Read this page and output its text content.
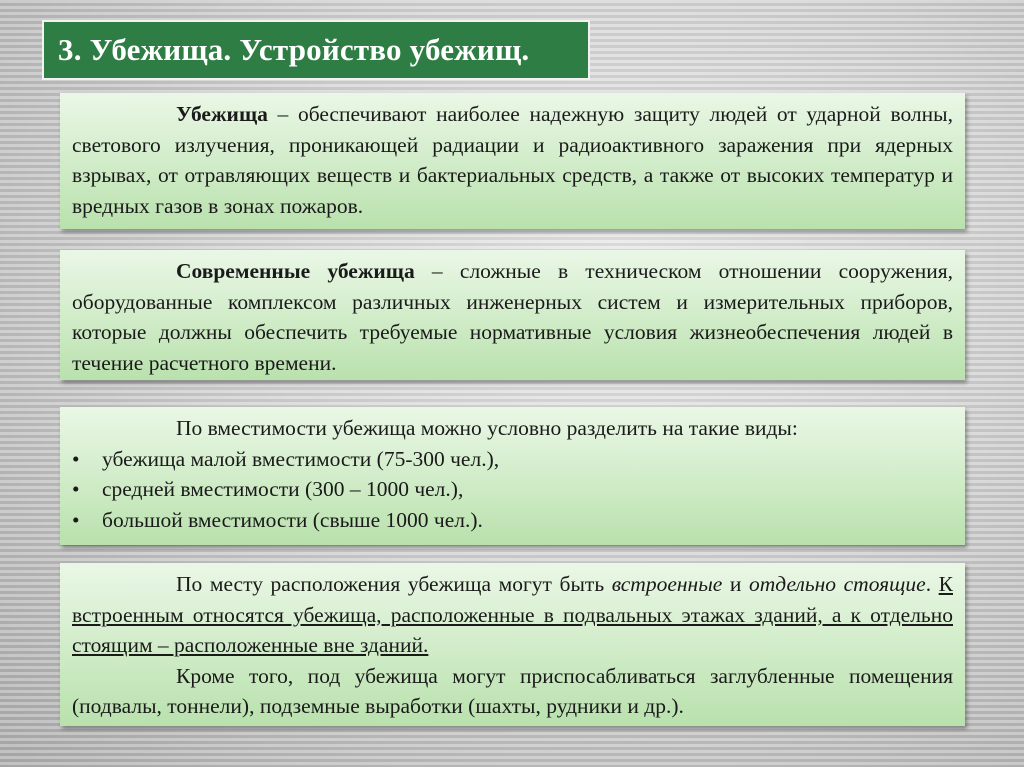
3. Убежища. Устройство убежищ.

Убежища – обеспечивают наиболее надежную защиту людей от ударной волны, светового излучения, проникающей радиации и радиоактивного заражения при ядерных взрывах, от отравляющих веществ и бактериальных средств, а также от высоких температур и вредных газов в зонах пожаров.

Современные убежища – сложные в техническом отношении сооружения, оборудованные комплексом различных инженерных систем и измерительных приборов, которые должны обеспечить требуемые нормативные условия жизнеобеспечения людей в течение расчетного времени.

По вместимости убежища можно условно разделить на такие виды:

• убежища малой вместимости (75-300 чел.),
• средней вместимости (300 – 1000 чел.),
• большой вместимости (свыше 1000 чел.).

По месту расположения убежища могут быть встроенные и отдельно стоящие. К встроенным относятся убежища, расположенные в подвальных этажах зданий, а к отдельно стоящим – расположенные вне зданий.

Кроме того, под убежища могут приспосабливаться заглубленные помещения (подвалы, тоннели), подземные выработки (шахты, рудники и др.).
